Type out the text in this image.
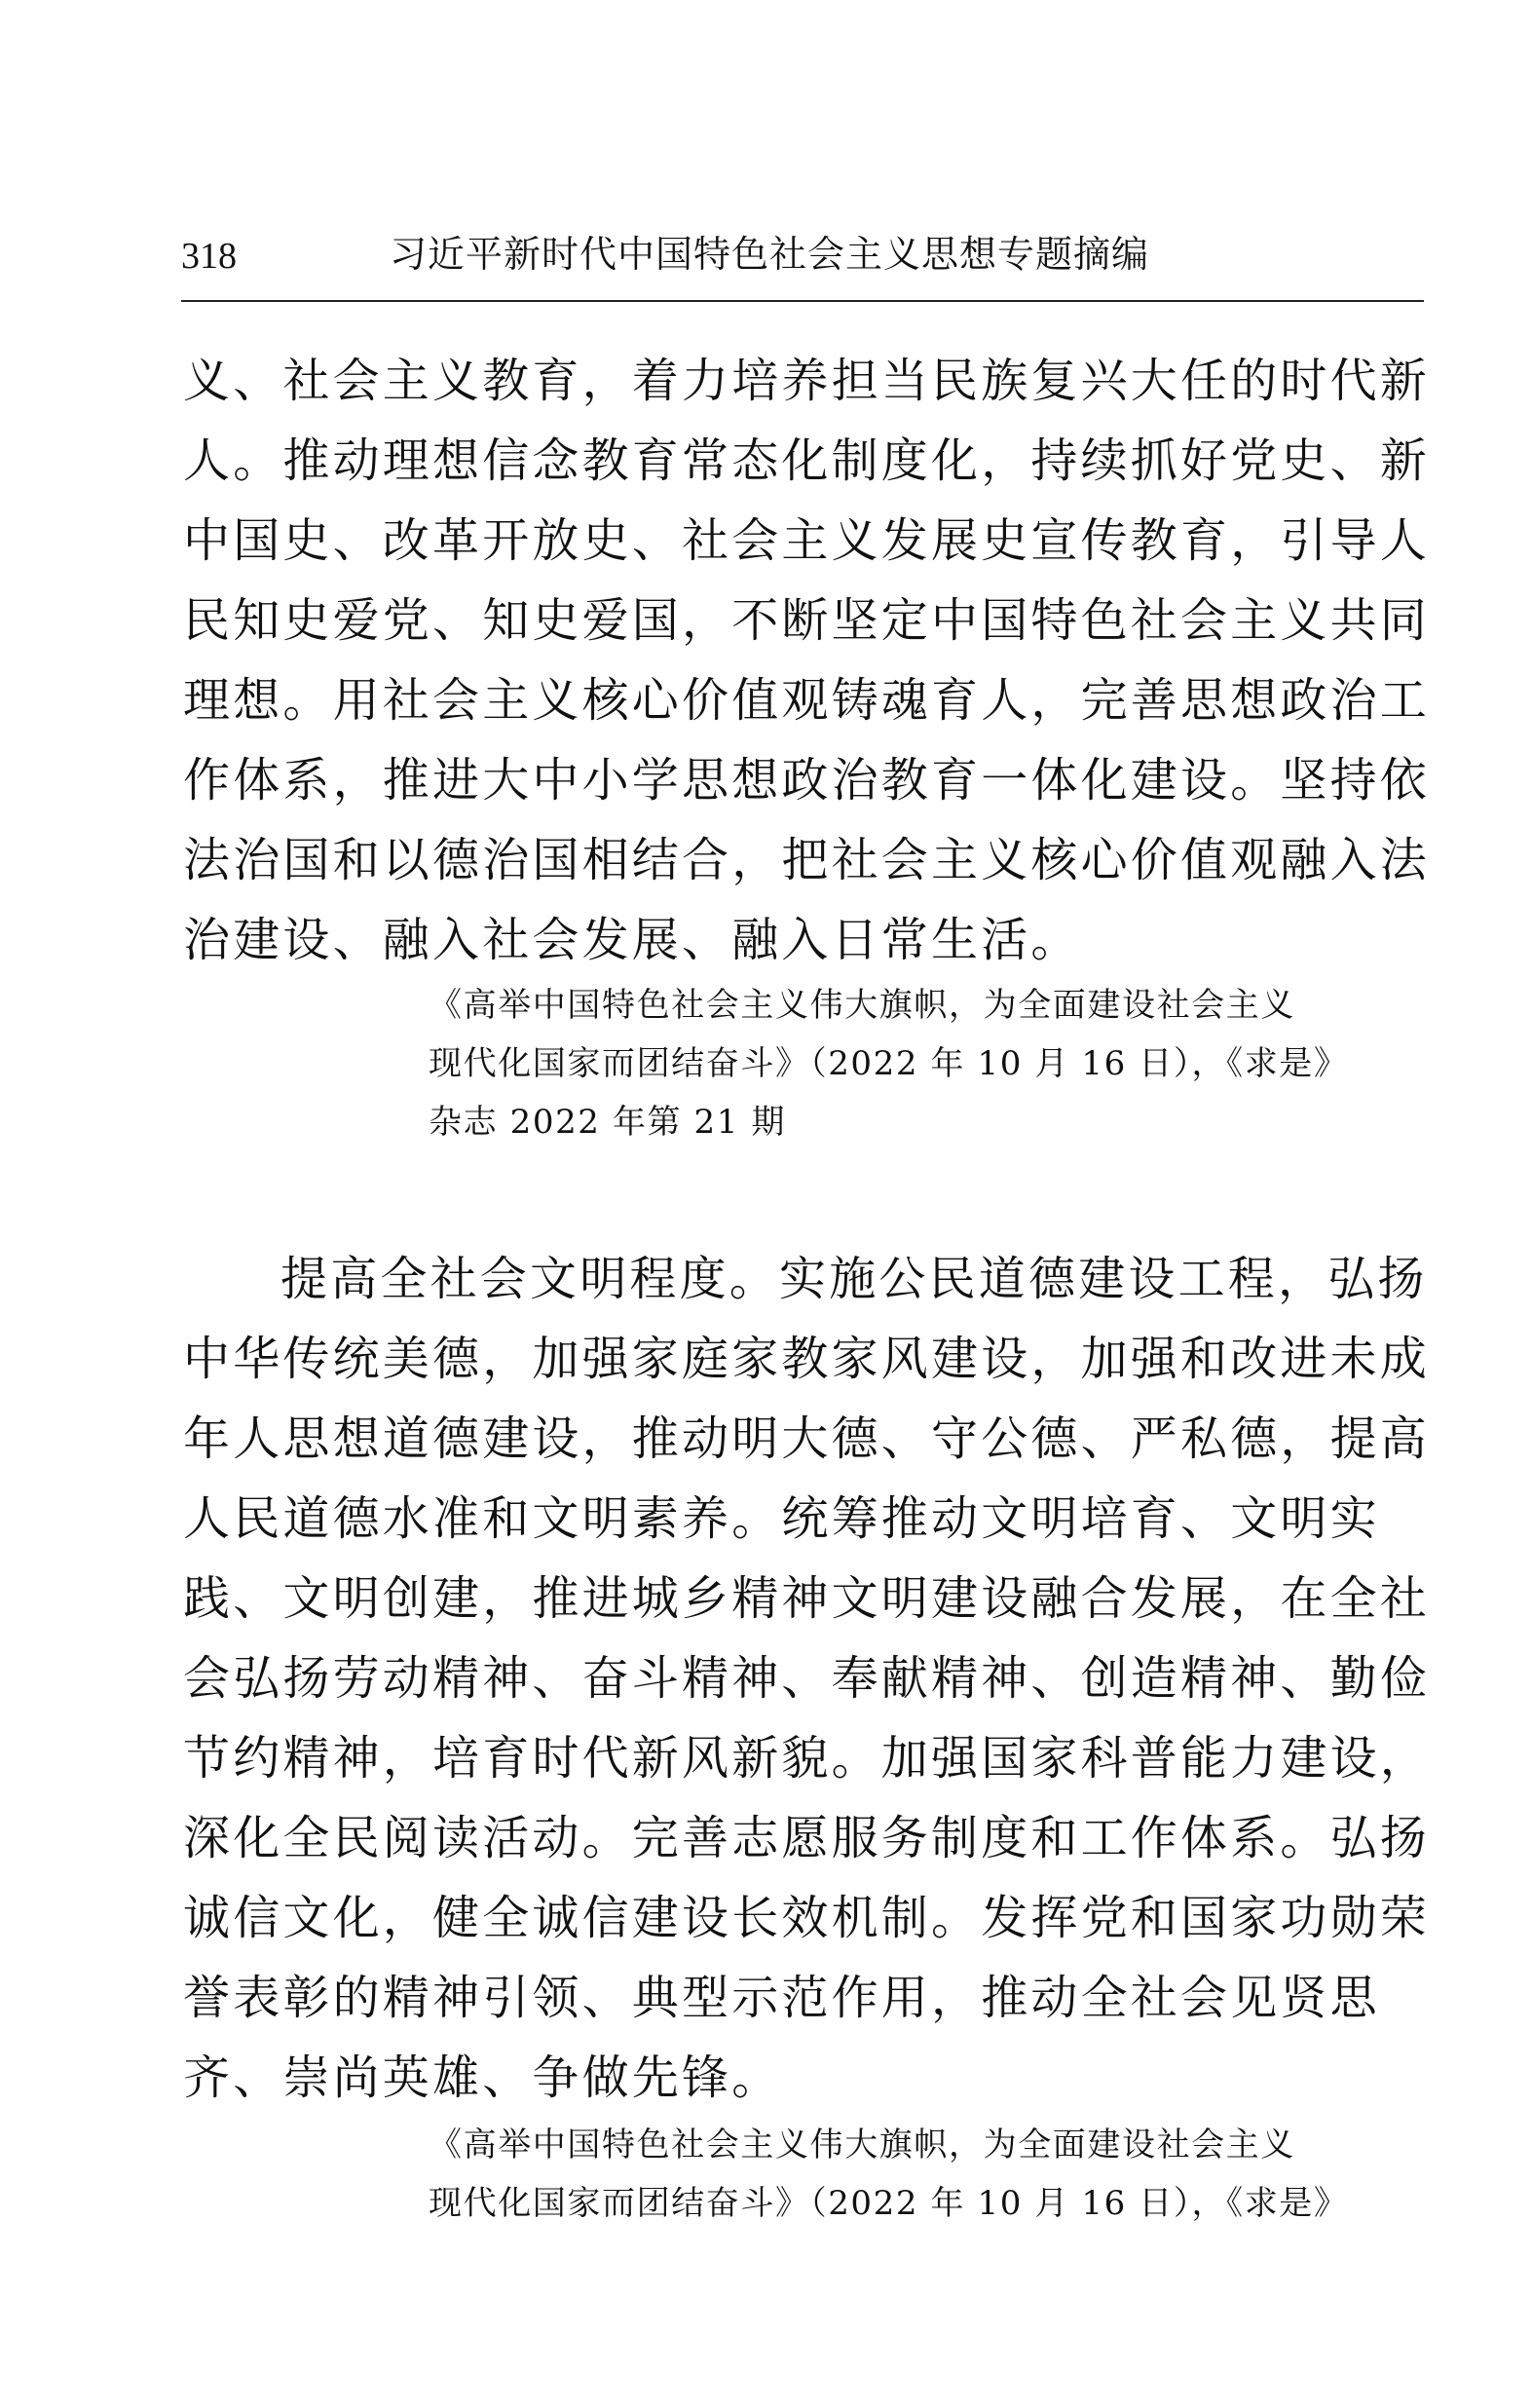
318	习近平新时代中国特色社会主义思想专题摘编
义、社会主义教育，着力培养担当民族复兴大任的时代新
人。推动理想信念教育常态化制度化，持续抓好党史、新
中国史、改革开放史、社会主义发展史宣传教育，引导人
民知史爱党、知史爱国，不断坚定中国特色社会主义共同
理想。用社会主义核心价值观铸魂育人，完善思想政治工
作体系，推进大中小学思想政治教育一体化建设。坚持依
法治国和以德治国相结合，把社会主义核心价值观融入法
治建设、融入社会发展、融入日常生活。
《高举中国特色社会主义伟大旗帜，为全面建设社会主义
现代化国家而团结奋斗》（2022 年 10 月 16 日），《求是》
杂志 2022 年第 21 期
提高全社会文明程度。实施公民道德建设工程，弘扬
中华传统美德，加强家庭家教家风建设，加强和改进未成
年人思想道德建设，推动明大德、守公德、严私德，提高
人民道德水准和文明素养。统筹推动文明培育、文明实
践、文明创建，推进城乡精神文明建设融合发展，在全社
会弘扬劳动精神、奋斗精神、奉献精神、创造精神、勤俭
节约精神，培育时代新风新貌。加强国家科普能力建设，
深化全民阅读活动。完善志愿服务制度和工作体系。弘扬
诚信文化，健全诚信建设长效机制。发挥党和国家功勋荣
誉表彰的精神引领、典型示范作用，推动全社会见贤思
齐、崇尚英雄、争做先锋。
《高举中国特色社会主义伟大旗帜，为全面建设社会主义
现代化国家而团结奋斗》（2022 年 10 月 16 日），《求是》
